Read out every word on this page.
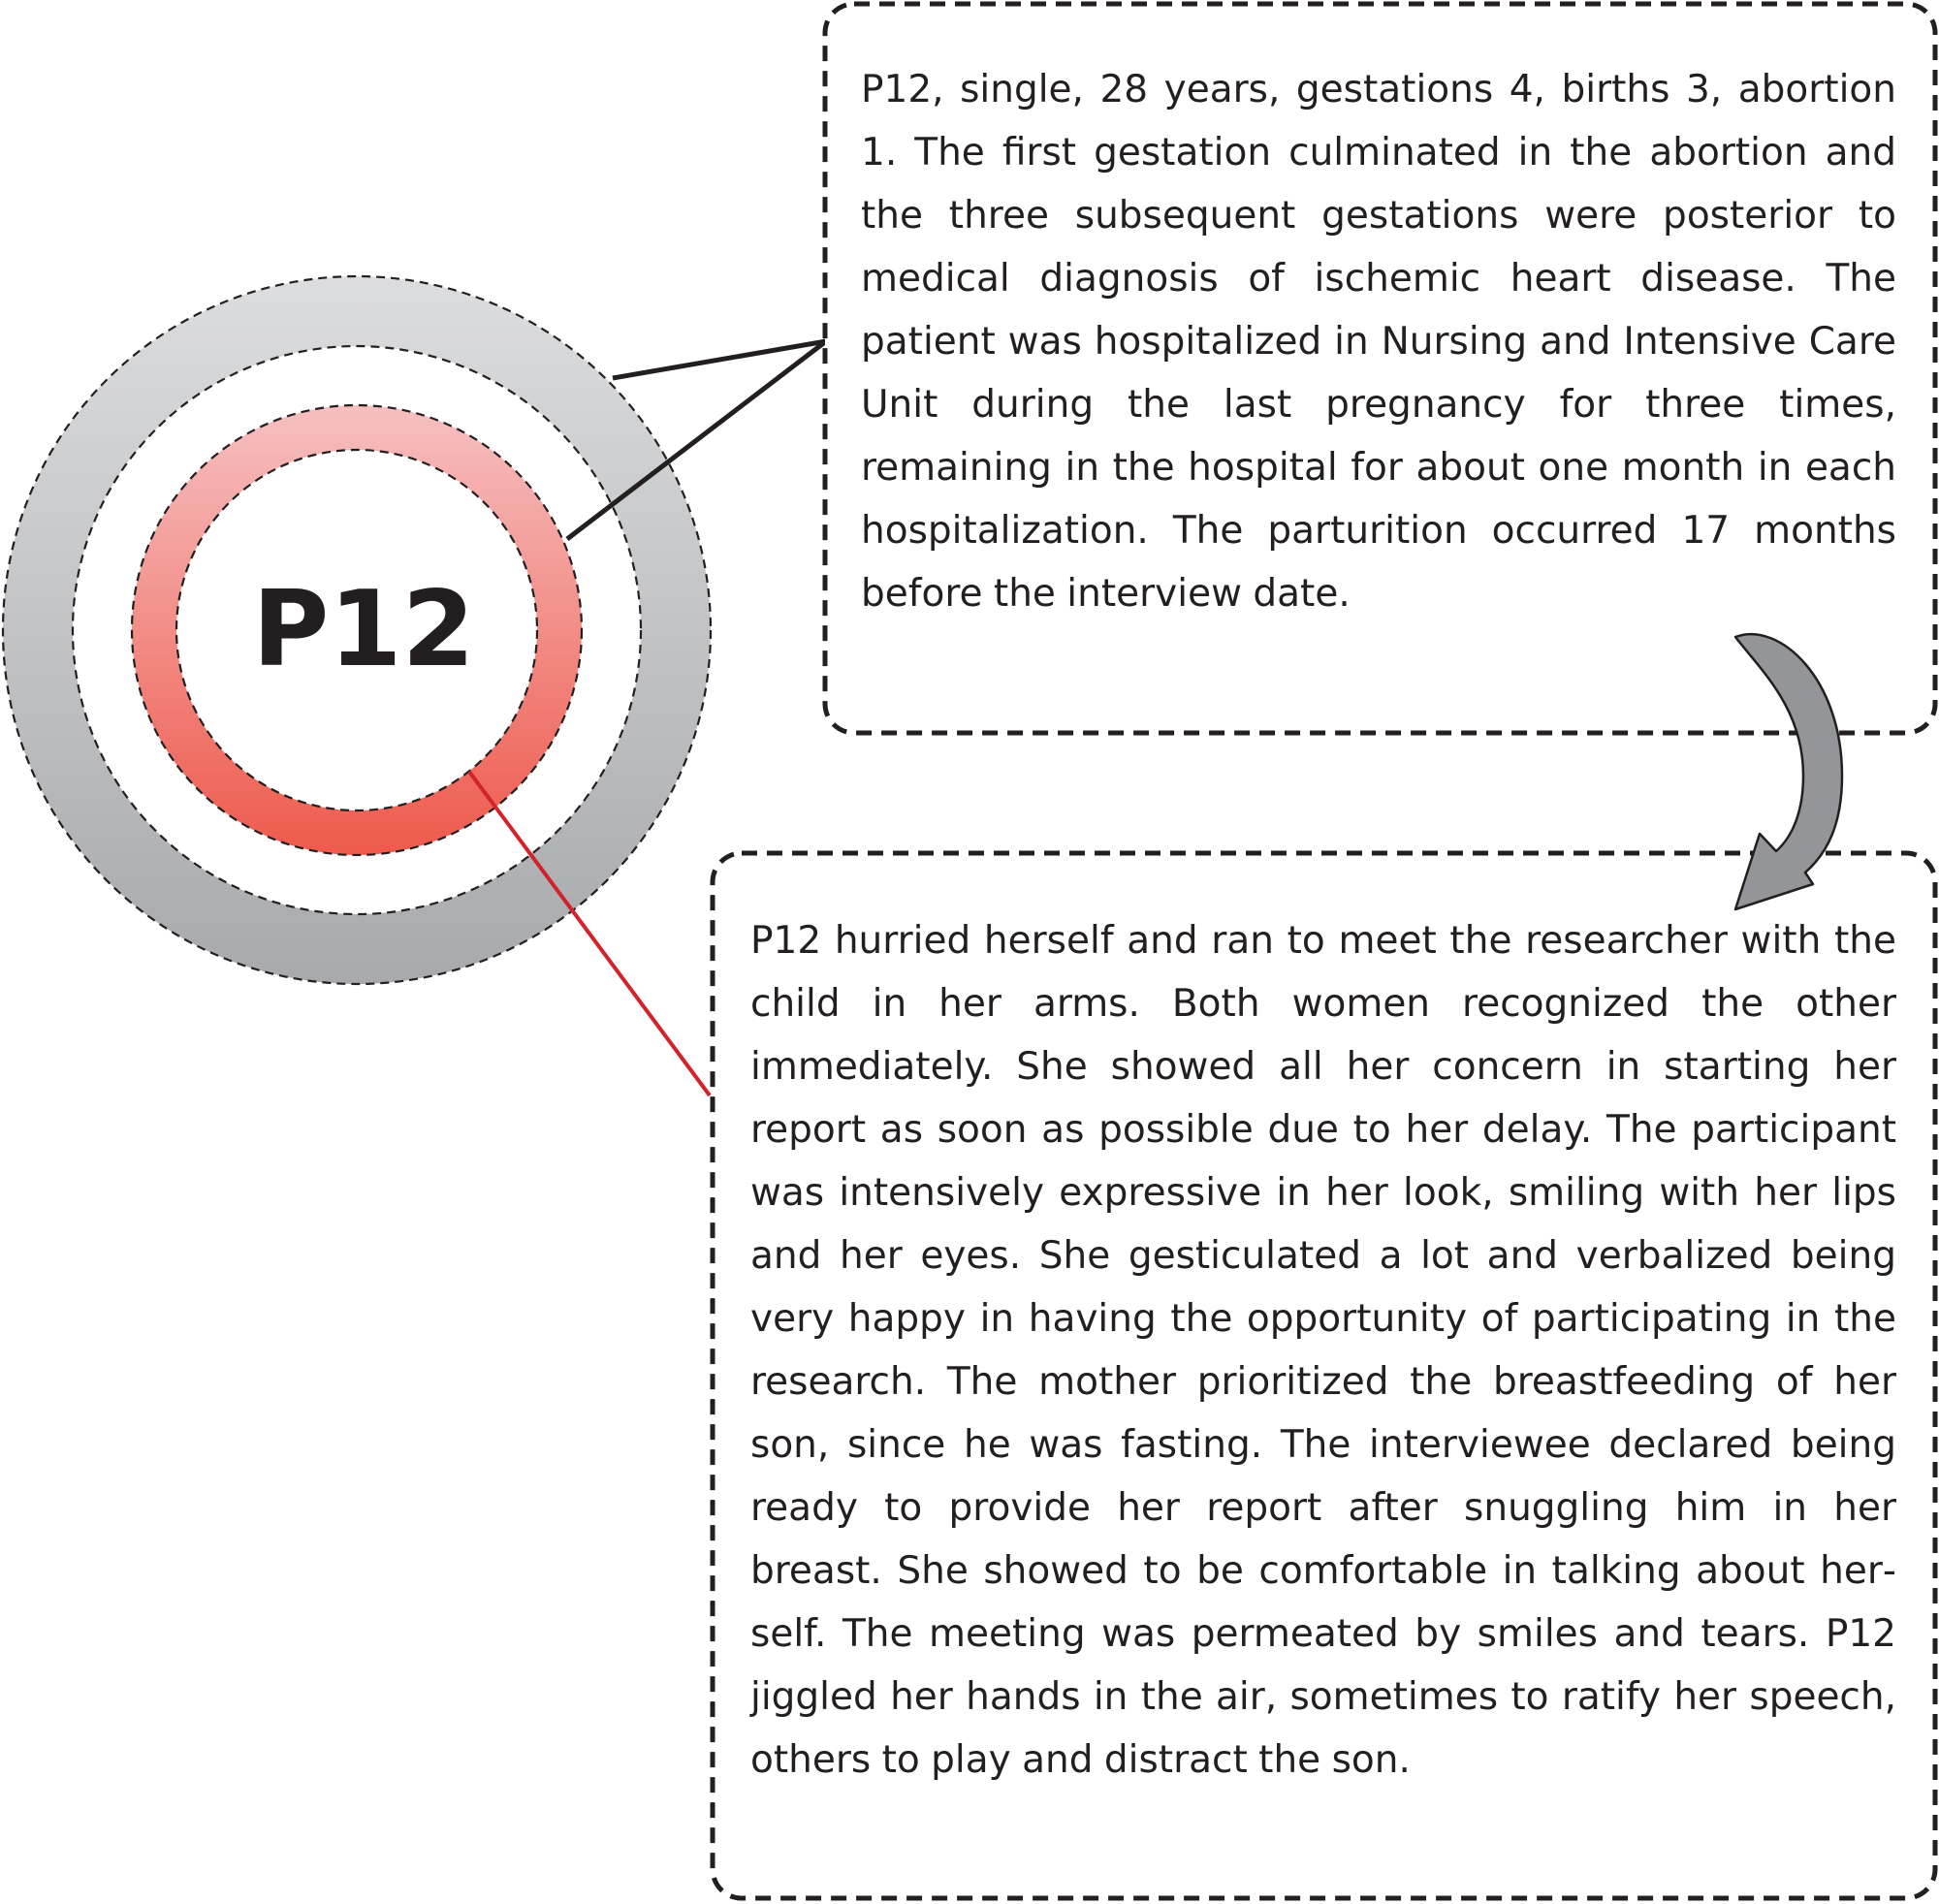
P12

P12, single, 28 years, gestations 4, births 3, abortion 1. The first gestation culminated in the abortion and the three subsequent gestations were posterior to medical diagnosis of ischemic heart disease. The patient was hospitalized in Nursing and Intensive Care Unit during the last pregnancy for three times, remaining in the hospital for about one month in each hospitalization. The parturition occurred 17 months before the interview date.

P12 hurried herself and ran to meet the researcher with the child in her arms. Both women recognized the other immediately. She showed all her concern in starting her report as soon as possible due to her delay. The participant was intensively expressive in her look, smiling with her lips and her eyes. She gesticulated a lot and verbalized being very happy in having the opportunity of participating in the research. The mother prioritized the breastfeeding of her son, since he was fasting. The interviewee declared being ready to provide her report after snuggling him in her breast. She showed to be comfortable in talking about herself. The meeting was permeated by smiles and tears. P12 jiggled her hands in the air, sometimes to ratify her speech, others to play and distract the son.
